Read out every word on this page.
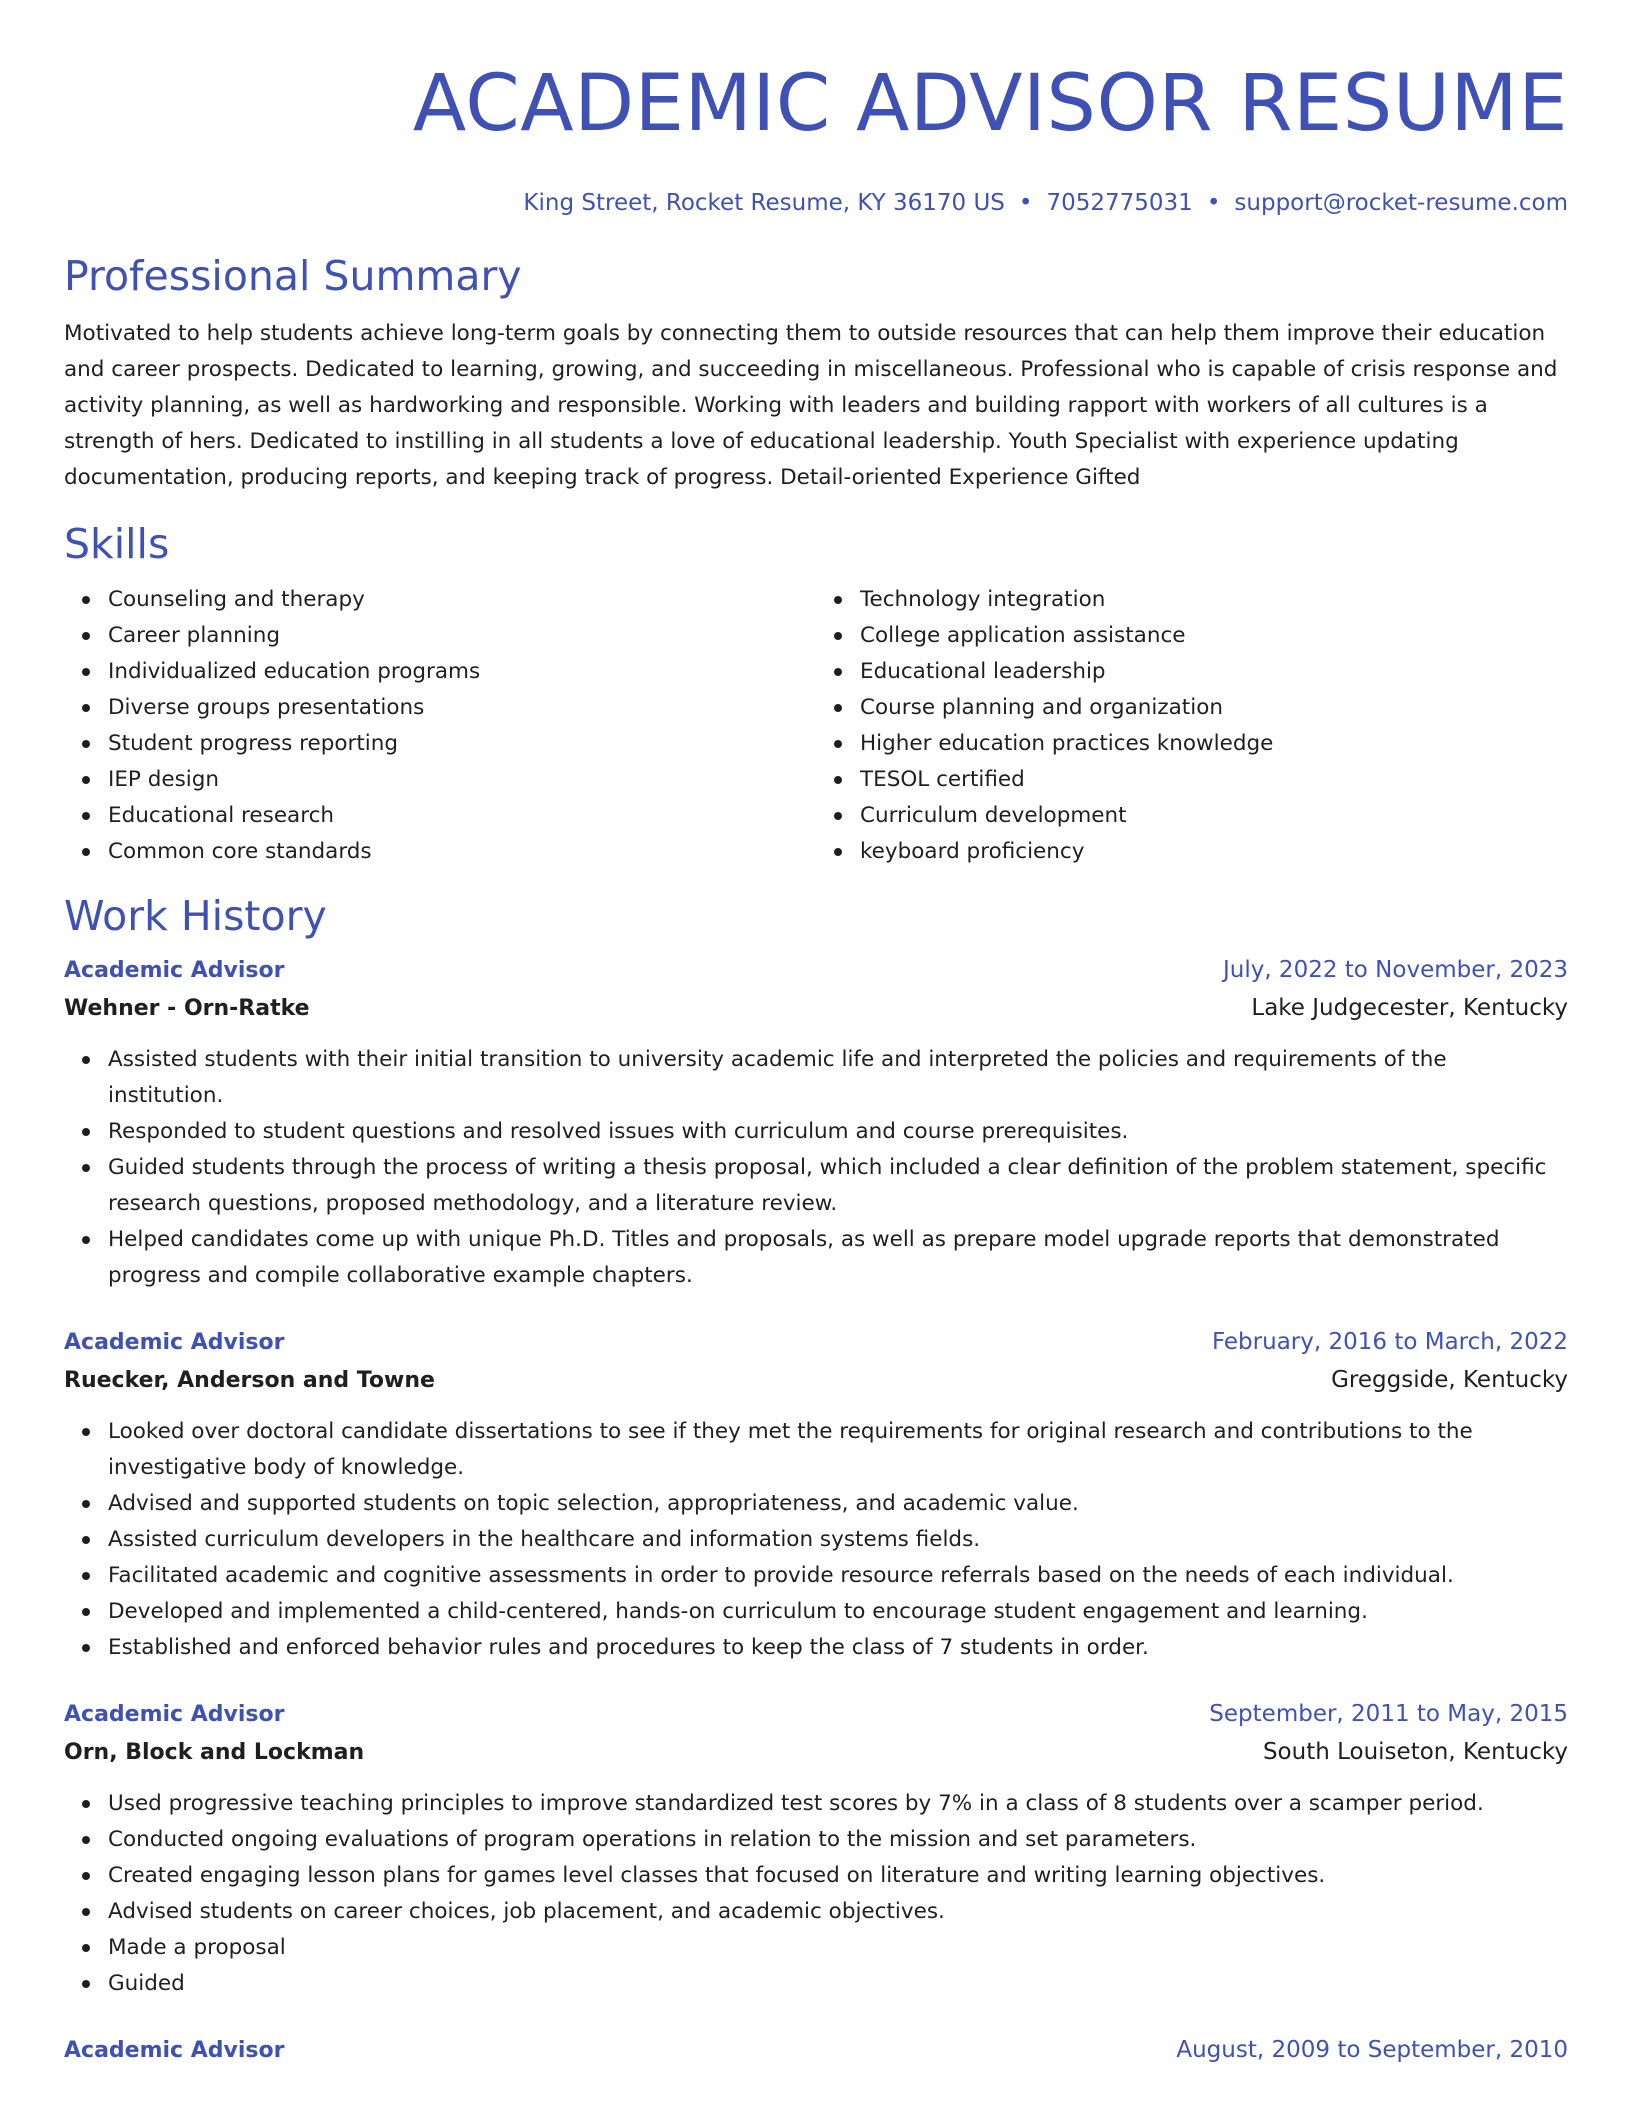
ACADEMIC ADVISOR RESUME
King Street, Rocket Resume, KY 36170 US • 7052775031 • support@rocket-resume.com
Professional Summary

Motivated to help students achieve long-term goals by connecting them to outside resources that can help them improve their education and career prospects. Dedicated to learning, growing, and succeeding in miscellaneous. Professional who is capable of crisis response and activity planning, as well as hardworking and responsible. Working with leaders and building rapport with workers of all cultures is a strength of hers. Dedicated to instilling in all students a love of educational leadership. Youth Specialist with experience updating documentation, producing reports, and keeping track of progress. Detail-oriented Experience Gifted

Skills
Counseling and therapy
Career planning
Individualized education programs
Diverse groups presentations
Student progress reporting
IEP design
Educational research
Common core standards
Technology integration
College application assistance
Educational leadership
Course planning and organization
Higher education practices knowledge
TESOL certified
Curriculum development
keyboard proficiency
Work History
Academic Advisor	July, 2022 to November, 2023
Wehner - Orn-Ratke	Lake Judgecester, Kentucky
Assisted students with their initial transition to university academic life and interpreted the policies and requirements of the institution.
Responded to student questions and resolved issues with curriculum and course prerequisites.
Guided students through the process of writing a thesis proposal, which included a clear definition of the problem statement, specific research questions, proposed methodology, and a literature review.
Helped candidates come up with unique Ph.D. Titles and proposals, as well as prepare model upgrade reports that demonstrated progress and compile collaborative example chapters.
Academic Advisor	February, 2016 to March, 2022
Ruecker, Anderson and Towne	Greggside, Kentucky
Looked over doctoral candidate dissertations to see if they met the requirements for original research and contributions to the investigative body of knowledge.
Advised and supported students on topic selection, appropriateness, and academic value.
Assisted curriculum developers in the healthcare and information systems fields.
Facilitated academic and cognitive assessments in order to provide resource referrals based on the needs of each individual.
Developed and implemented a child-centered, hands-on curriculum to encourage student engagement and learning.
Established and enforced behavior rules and procedures to keep the class of 7 students in order.
Academic Advisor	September, 2011 to May, 2015
Orn, Block and Lockman	South Louiseton, Kentucky
Used progressive teaching principles to improve standardized test scores by 7% in a class of 8 students over a scamper period.
Conducted ongoing evaluations of program operations in relation to the mission and set parameters.
Created engaging lesson plans for games level classes that focused on literature and writing learning objectives.
Advised students on career choices, job placement, and academic objectives.
Made a proposal
Guided
Academic Advisor	August, 2009 to September, 2010
